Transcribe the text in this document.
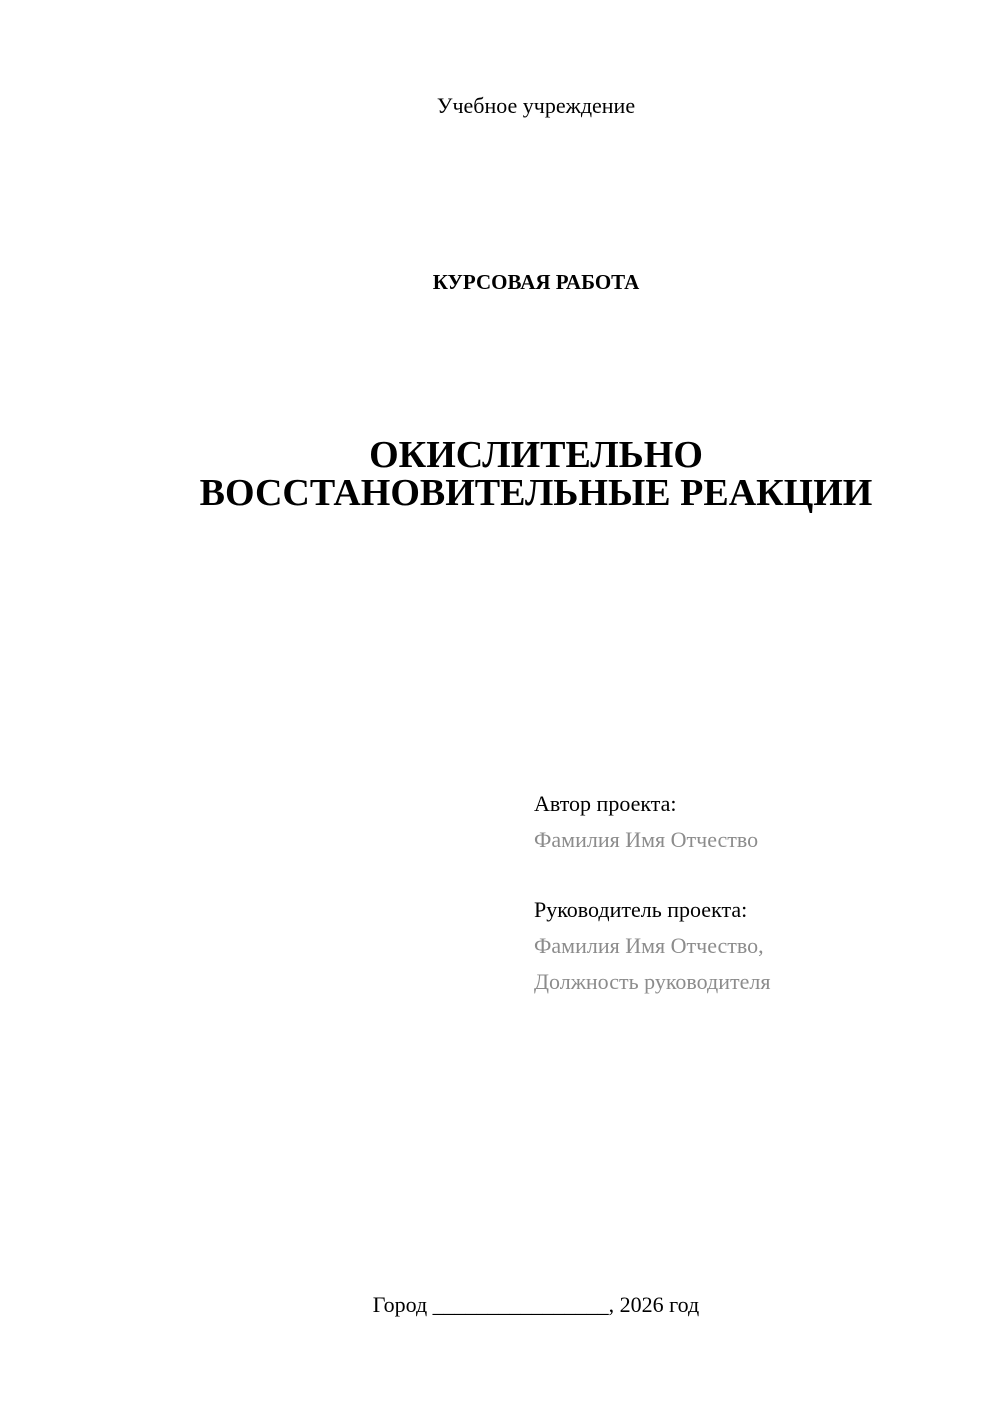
Учебное учреждение
КУРСОВАЯ РАБОТА
ОКИСЛИТЕЛЬНО
ВОССТАНОВИТЕЛЬНЫЕ РЕАКЦИИ
Автор проекта:
Фамилия Имя Отчество
Руководитель проекта:
Фамилия Имя Отчество,
Должность руководителя
Город ________________, 2026 год
